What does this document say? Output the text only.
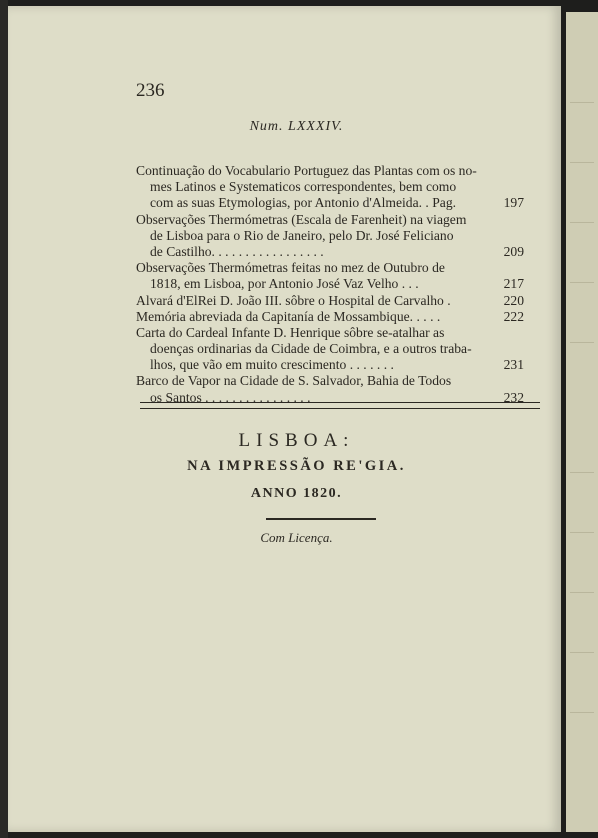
236
Num. LXXXIV.
Continuação do Vocabulario Portuguez das Plantas com os no-
mes Latinos e Systematicos correspondentes, bem como
com as suas Etymologias, por Antonio d'Almeida. . Pag.	197
Observações Thermómetras (Escala de Farenheit) na viagem
de Lisboa para o Rio de Janeiro, pelo Dr. José Feliciano
de Castilho. . . . . . . . . . . . . . . . .	209
Observações Thermómetras feitas no mez de Outubro de
1818, em Lisboa, por Antonio José Vaz Velho . . .	217
Alvará d'ElRei D. João III. sôbre o Hospital de Carvalho .	220
Memória abreviada da Capitanía de Mossambique. . . . .	222
Carta do Cardeal Infante D. Henrique sôbre se-atalhar as
doenças ordinarias da Cidade de Coimbra, e a outros traba-
lhos, que vão em muito crescimento . . . . . . .	231
Barco de Vapor na Cidade de S. Salvador, Bahia de Todos
os Santos . . . . . . . . . . . . . . . .	232
LISBOA:
NA IMPRESSÃO RE'GIA.
ANNO 1820.
Com Licença.
